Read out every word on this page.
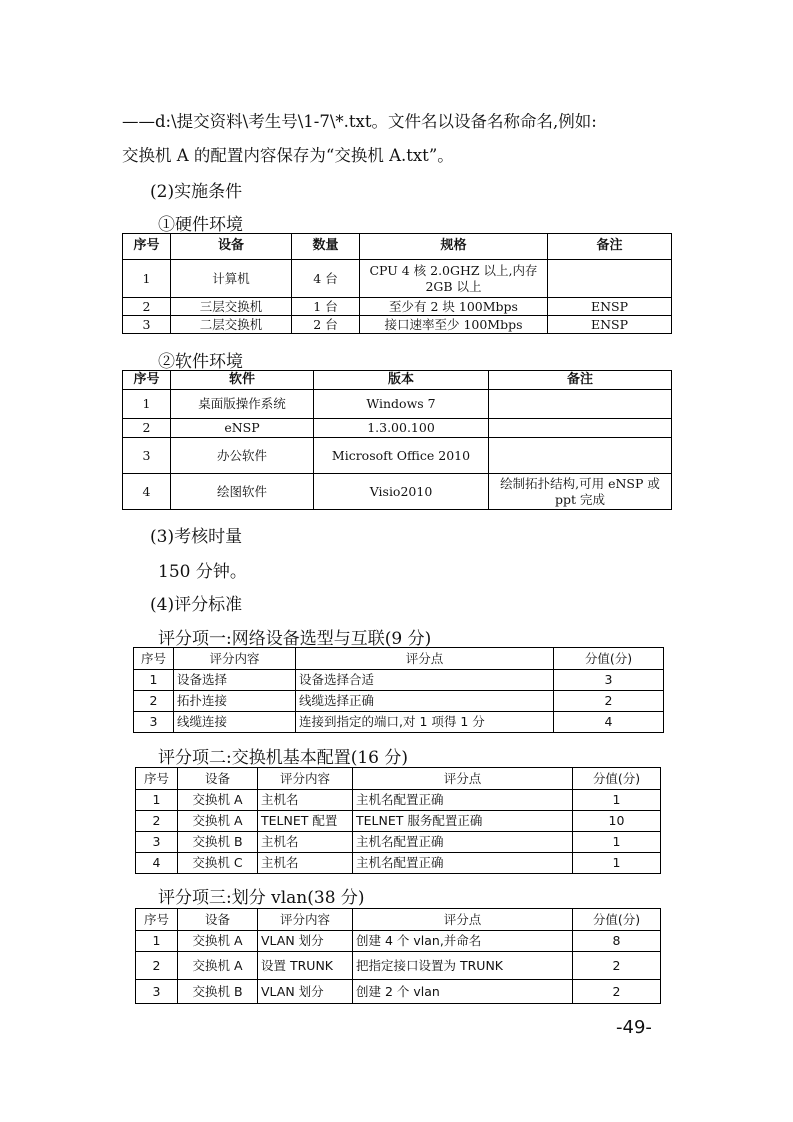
——d:\提交资料\考生号\1-7\*.txt。文件名以设备名称命名,例如:
交换机 A 的配置内容保存为“交换机 A.txt”。
(2)实施条件
①硬件环境
序号	设备	数量	规格	备注
1	计算机	4 台	CPU 4 核 2.0GHZ 以上,内存 2GB 以上	
2	三层交换机	1 台	至少有 2 块 100Mbps	ENSP
3	二层交换机	2 台	接口速率至少 100Mbps	ENSP
②软件环境
序号	软件	版本	备注
1	桌面版操作系统	Windows 7	
2	eNSP	1.3.00.100	
3	办公软件	Microsoft Office 2010	
4	绘图软件	Visio2010	绘制拓扑结构,可用 eNSP 或 ppt 完成
(3)考核时量
150 分钟。
(4)评分标准
评分项一:网络设备选型与互联(9 分)
序号	评分内容	评分点	分值(分)
1	设备选择	设备选择合适	3
2	拓扑连接	线缆选择正确	2
3	线缆连接	连接到指定的端口,对 1 项得 1 分	4
评分项二:交换机基本配置(16 分)
序号	设备	评分内容	评分点	分值(分)
1	交换机 A	主机名	主机名配置正确	1
2	交换机 A	TELNET 配置	TELNET 服务配置正确	10
3	交换机 B	主机名	主机名配置正确	1
4	交换机 C	主机名	主机名配置正确	1
评分项三:划分 vlan(38 分)
序号	设备	评分内容	评分点	分值(分)
1	交换机 A	VLAN 划分	创建 4 个 vlan,并命名	8
2	交换机 A	设置 TRUNK	把指定接口设置为 TRUNK	2
3	交换机 B	VLAN 划分	创建 2 个 vlan	2
-49-
